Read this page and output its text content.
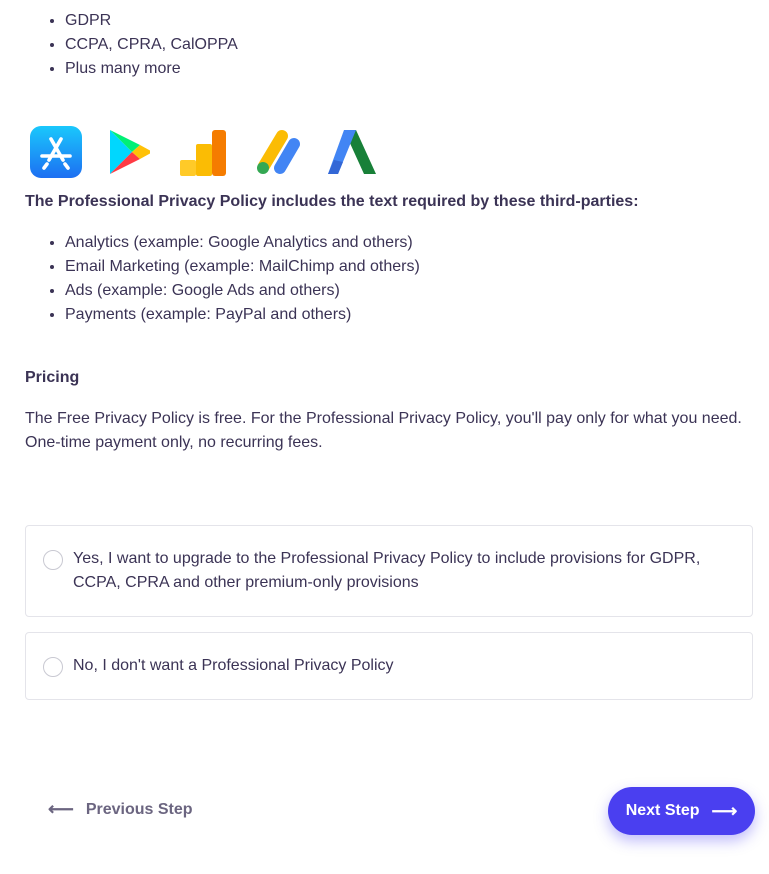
• GDPR
• CCPA, CPRA, CalOPPA
• Plus many more
The Professional Privacy Policy includes the text required by these third-parties:
• Analytics (example: Google Analytics and others)
• Email Marketing (example: MailChimp and others)
• Ads (example: Google Ads and others)
• Payments (example: PayPal and others)
Pricing

The Free Privacy Policy is free. For the Professional Privacy Policy, you'll pay only for what you need.
One-time payment only, no recurring fees.

Yes, I want to upgrade to the Professional Privacy Policy to include provisions for GDPR,
CCPA, CPRA and other premium-only provisions
No, I don't want a Professional Privacy Policy
⟵ Previous Step	Next Step ⟶
